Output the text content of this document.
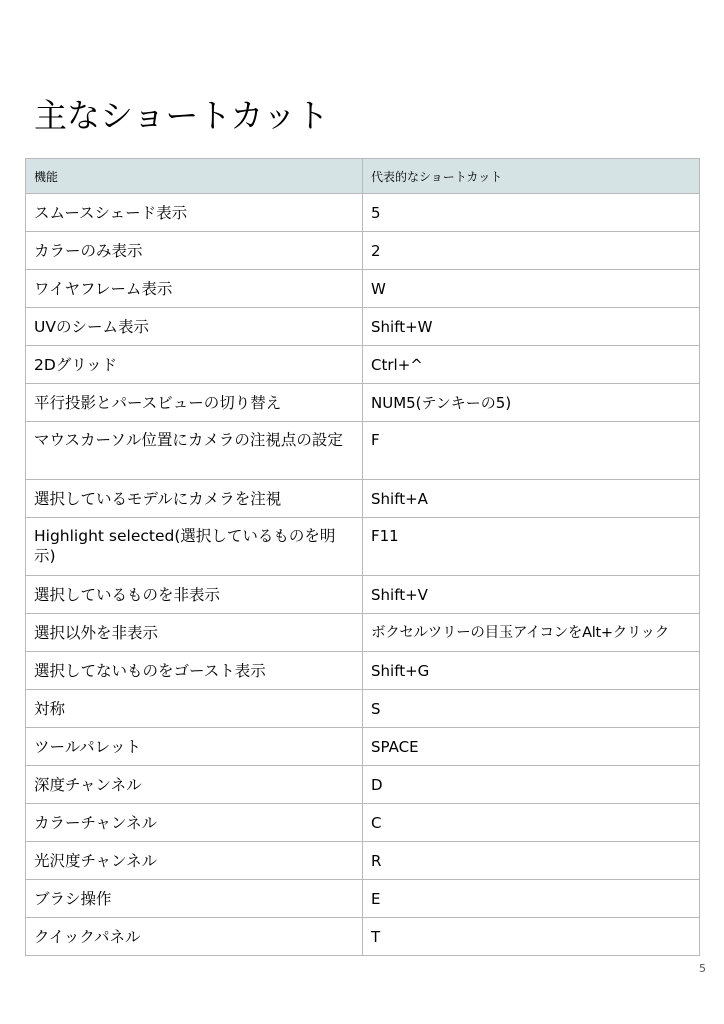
主なショートカット
機能	代表的なショートカット
スムースシェード表示	5
カラーのみ表示	2
ワイヤフレーム表示	W
UVのシーム表示	Shift+W
2Dグリッド	Ctrl+^
平行投影とパースビューの切り替え	NUM5(テンキーの5)
マウスカーソル位置にカメラの注視点の設定	F
選択しているモデルにカメラを注視	Shift+A
Highlight selected(選択しているものを明示)	F11
選択しているものを非表示	Shift+V
選択以外を非表示	ボクセルツリーの目玉アイコンをAlt+クリック
選択してないものをゴースト表示	Shift+G
対称	S
ツールパレット	SPACE
深度チャンネル	D
カラーチャンネル	C
光沢度チャンネル	R
ブラシ操作	E
クイックパネル	T
5
